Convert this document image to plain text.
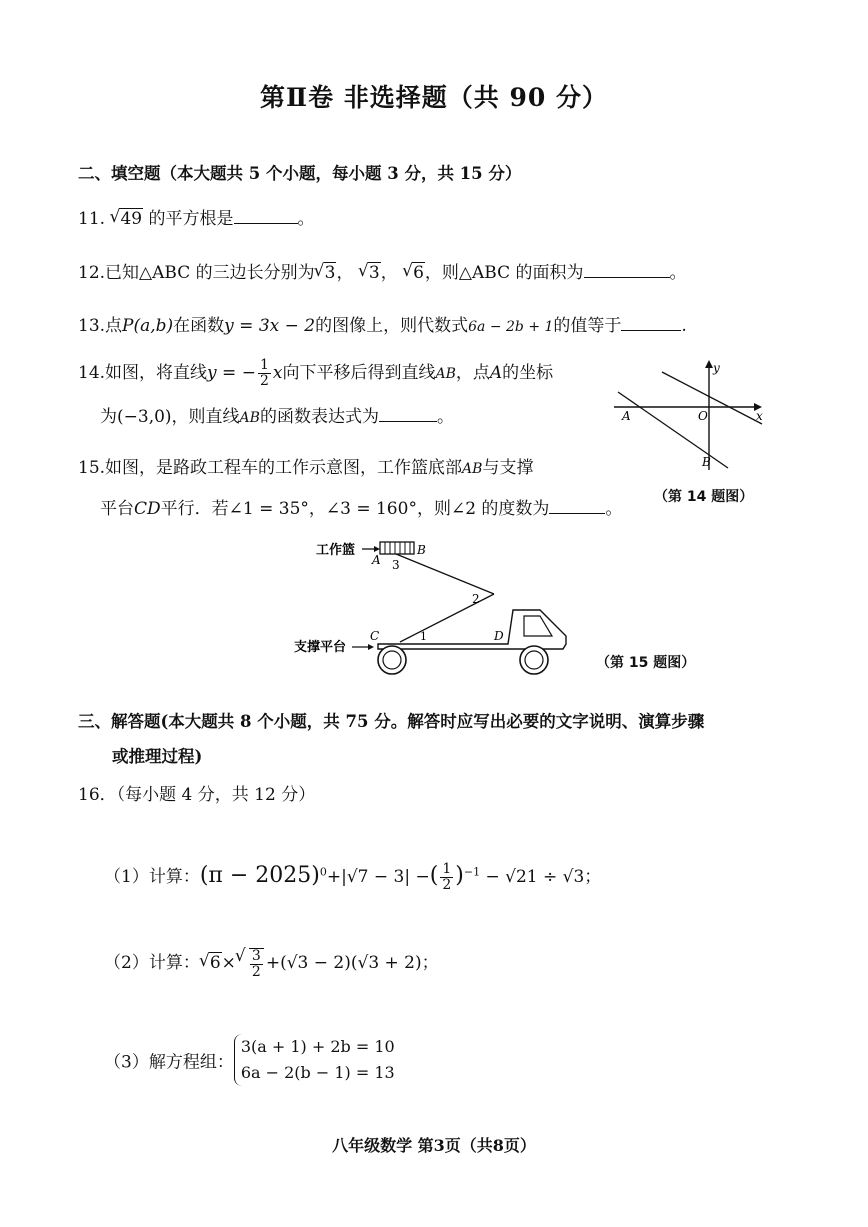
第Ⅱ卷 非选择题（共 90 分）
二、填空题（本大题共 5 个小题，每小题 3 分，共 15 分）
11. √ 49 的平方根是	。
12.已知△ABC 的三边长分别为 √ 3， √ 3， √ 6，则△ABC 的面积为	。
13.点P(a,b)在函数y = 3x − 2的图像上，则代数式6a − 2b + 1的值等于	.
14.如图，将直线y = − $\frac{1}{2}$ x向下平移后得到直线AB，点A的坐标
为(−3,0)，则直线AB的函数表达式为	。
y
x
O
A
B
（第 14 题图）
15.如图，是路政工程车的工作示意图，工作篮底部AB与支撑
平台CD平行．若∠1 = 35°，∠3 = 160°，则∠2 的度数为	。
工作篮
A
B
3
2
1
C	D
支撑平台
（第 15 题图）
三、解答题(本大题共 8 个小题，共 75 分。解答时应写出必要的文字说明、演算步骤
或推理过程)
16．（每小题 4 分，共 12 分）
（1）计算：$(\pi - 2025)^0+|√7 - 3|$ −( $\frac{1}{2} )^{-1} - √21 \div √3$；
（2）计算： √ 6× √ $\frac{3}{2} +(√3 - 2)(√3 + 2)$；
（3）解方程组：
3(a + 1) + 2b = 10
6a − 2(b − 1) = 13
八年级数学 第3页（共8页）
